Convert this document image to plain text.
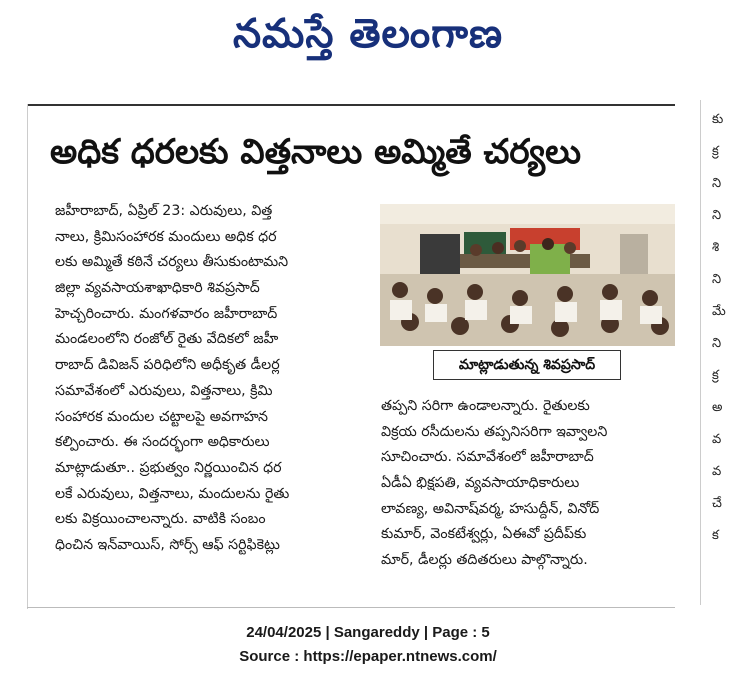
నమస్తే తెలంగాణ
అధిక ధరలకు విత్తనాలు అమ్మితే చర్యలు
జహీరాబాద్, ఏప్రిల్ 23: ఎరువులు, విత్త
నాలు, క్రిమిసంహారక మందులు అధిక ధర
లకు అమ్మితే కఠినే చర్యలు తీసుకుంటామని
జిల్లా వ్యవసాయశాఖాధికారి శివప్రసాద్
హెచ్చరించారు. మంగళవారం జహీరాబాద్
మండలంలోని రంజోల్ రైతు వేదికలో జహీ
రాబాద్ డివిజన్ పరిధిలోని అధీకృత డీలర్ల
సమావేశంలో ఎరువులు, విత్తనాలు, క్రిమి
సంహారక మందుల చట్టాలపై అవగాహన
కల్పించారు. ఈ సందర్భంగా అధికారులు
మాట్లాడుతూ.. ప్రభుత్వం నిర్ణయించిన ధర
లకే ఎరువులు, విత్తనాలు, మందులను రైతు
లకు విక్రయించాలన్నారు. వాటికి సంబం
ధించిన ఇన్‌వాయిస్, సోర్స్ ఆఫ్ సర్టిఫికెట్లు
మాట్లాడుతున్న శివప్రసాద్
తప్పని సరిగా ఉండాలన్నారు. రైతులకు
విక్రయ రసీదులను తప్పనిసరిగా ఇవ్వాలని
సూచించారు. సమావేశంలో జహీరాబాద్
ఏడీఏ భిక్షపతి, వ్యవసాయాధికారులు
లావణ్య, అవినాష్‌వర్మ, హసుద్దీన్, వినోద్
కుమార్, వెంకటేశ్వర్లు, ఏఈవో ప్రదీప్‌కు
మార్, డీలర్లు తదితరులు పాల్గొన్నారు.
కు
క్ర
ని
ని
శి
ని
మే
ని
క్ర
అ
వ
వ
చే
క
24/04/2025 | Sangareddy | Page : 5
Source : https://epaper.ntnews.com/
